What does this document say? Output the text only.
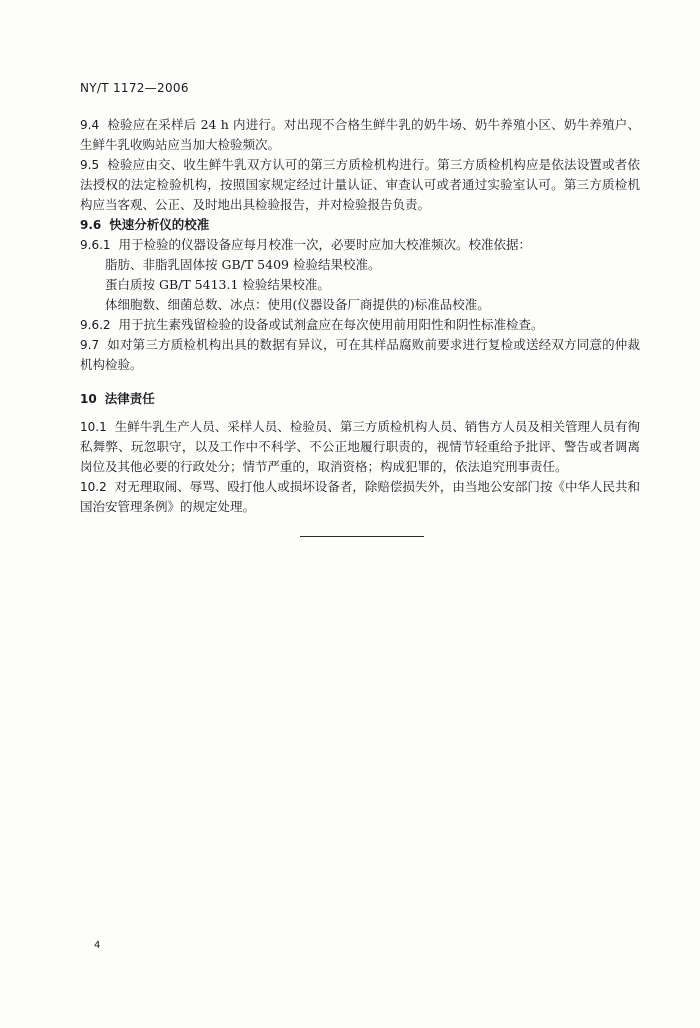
NY/T 1172—2006

9.4 检验应在采样后 24 h 内进行。对出现不合格生鲜牛乳的奶牛场、奶牛养殖小区、奶牛养殖户、生鲜牛乳收购站应当加大检验频次。

9.5 检验应由交、收生鲜牛乳双方认可的第三方质检机构进行。第三方质检机构应是依法设置或者依法授权的法定检验机构，按照国家规定经过计量认证、审查认可或者通过实验室认可。第三方质检机构应当客观、公正、及时地出具检验报告，并对检验报告负责。

9.6 快速分析仪的校准

9.6.1 用于检验的仪器设备应每月校准一次，必要时应加大校准频次。校准依据：

脂肪、非脂乳固体按 GB/T 5409 检验结果校准。

蛋白质按 GB/T 5413.1 检验结果校准。

体细胞数、细菌总数、冰点：使用(仪器设备厂商提供的)标准品校准。

9.6.2 用于抗生素残留检验的设备或试剂盒应在每次使用前用阳性和阴性标准检查。

9.7 如对第三方质检机构出具的数据有异议，可在其样品腐败前要求进行复检或送经双方同意的仲裁机构检验。

10 法律责任

10.1 生鲜牛乳生产人员、采样人员、检验员、第三方质检机构人员、销售方人员及相关管理人员有徇私舞弊、玩忽职守，以及工作中不科学、不公正地履行职责的，视情节轻重给予批评、警告或者调离岗位及其他必要的行政处分；情节严重的，取消资格；构成犯罪的，依法追究刑事责任。

10.2 对无理取闹、辱骂、殴打他人或损坏设备者，除赔偿损失外，由当地公安部门按《中华人民共和国治安管理条例》的规定处理。

4
